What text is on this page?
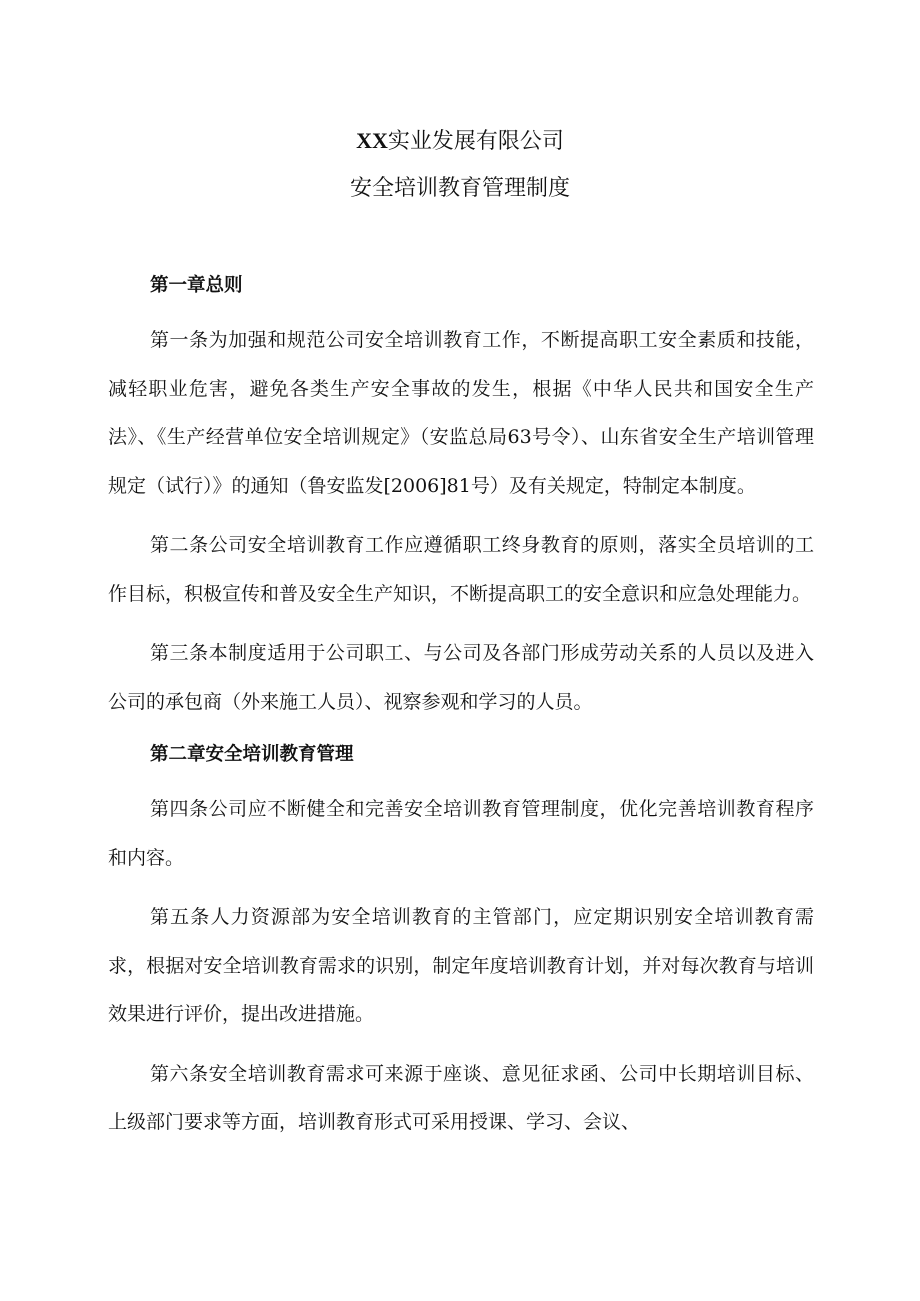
XX实业发展有限公司
安全培训教育管理制度

第一章总则

第一条为加强和规范公司安全培训教育工作，不断提高职工安全素质和技能，减轻职业危害，避免各类生产安全事故的发生，根据《中华人民共和国安全生产法》、《生产经营单位安全培训规定》（安监总局63号令）、山东省安全生产培训管理规定（试行）》的通知（鲁安监发[2006]81号）及有关规定，特制定本制度。

第二条公司安全培训教育工作应遵循职工终身教育的原则，落实全员培训的工作目标，积极宣传和普及安全生产知识，不断提高职工的安全意识和应急处理能力。

第三条本制度适用于公司职工、与公司及各部门形成劳动关系的人员以及进入公司的承包商（外来施工人员）、视察参观和学习的人员。

第二章安全培训教育管理

第四条公司应不断健全和完善安全培训教育管理制度，优化完善培训教育程序和内容。

第五条人力资源部为安全培训教育的主管部门，应定期识别安全培训教育需求，根据对安全培训教育需求的识别，制定年度培训教育计划，并对每次教育与培训效果进行评价，提出改进措施。

第六条安全培训教育需求可来源于座谈、意见征求函、公司中长期培训目标、上级部门要求等方面，培训教育形式可采用授课、学习、会议、
